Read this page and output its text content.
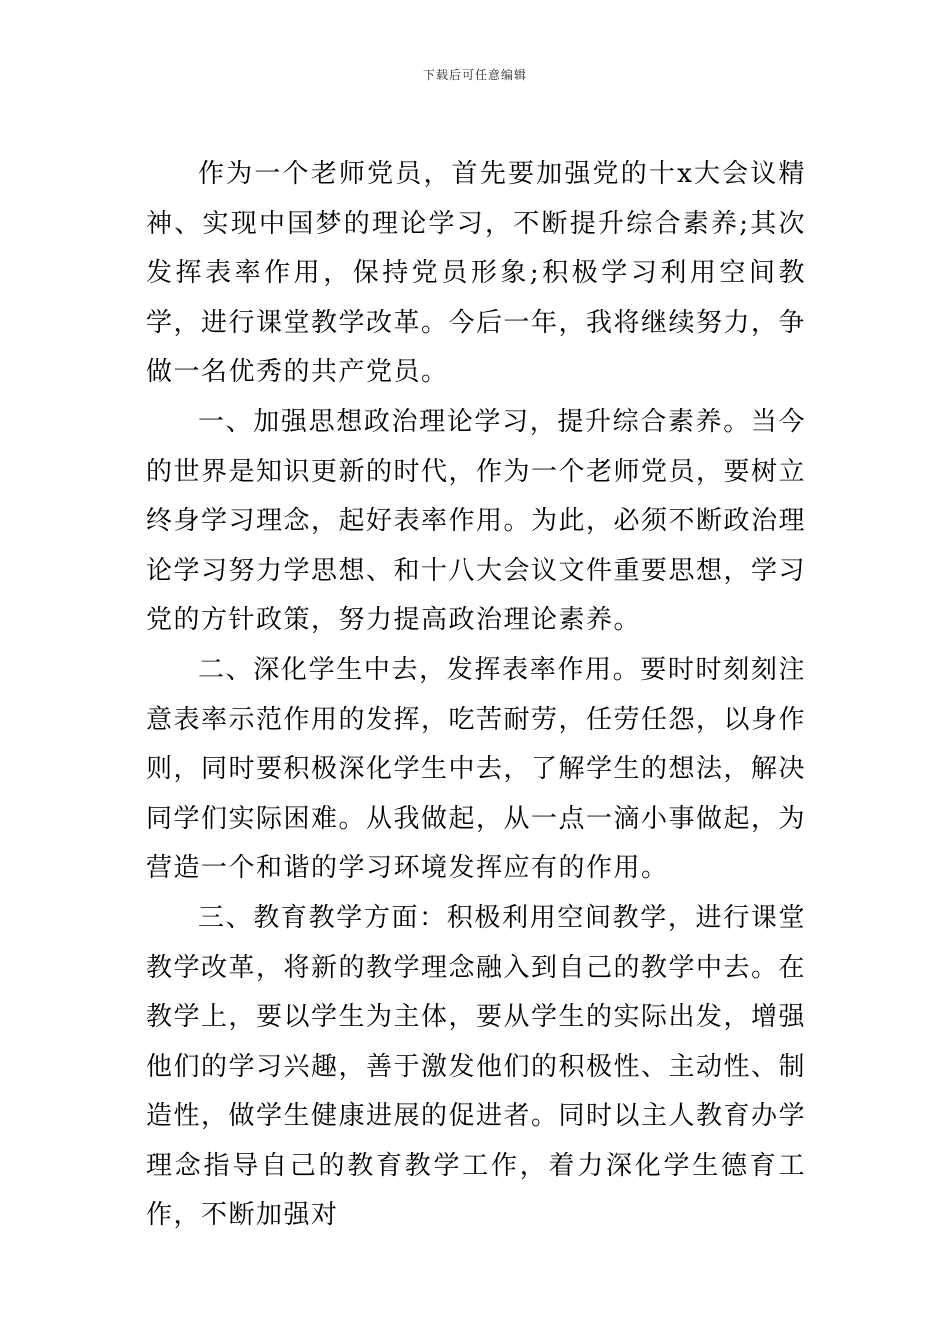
下载后可任意编辑

作为一个老师党员，首先要加强党的十x大会议精神、实现中国梦的理论学习，不断提升综合素养;其次发挥表率作用，保持党员形象;积极学习利用空间教学，进行课堂教学改革。今后一年，我将继续努力，争做一名优秀的共产党员。

一、加强思想政治理论学习，提升综合素养。当今的世界是知识更新的时代，作为一个老师党员，要树立终身学习理念，起好表率作用。为此，必须不断政治理论学习努力学思想、和十八大会议文件重要思想，学习党的方针政策，努力提高政治理论素养。

二、深化学生中去，发挥表率作用。要时时刻刻注意表率示范作用的发挥，吃苦耐劳，任劳任怨，以身作则，同时要积极深化学生中去，了解学生的想法，解决同学们实际困难。从我做起，从一点一滴小事做起，为营造一个和谐的学习环境发挥应有的作用。

三、教育教学方面：积极利用空间教学，进行课堂教学改革，将新的教学理念融入到自己的教学中去。在教学上，要以学生为主体，要从学生的实际出发，增强他们的学习兴趣，善于激发他们的积极性、主动性、制造性，做学生健康进展的促进者。同时以主人教育办学理念指导自己的教育教学工作，着力深化学生德育工作，不断加强对
